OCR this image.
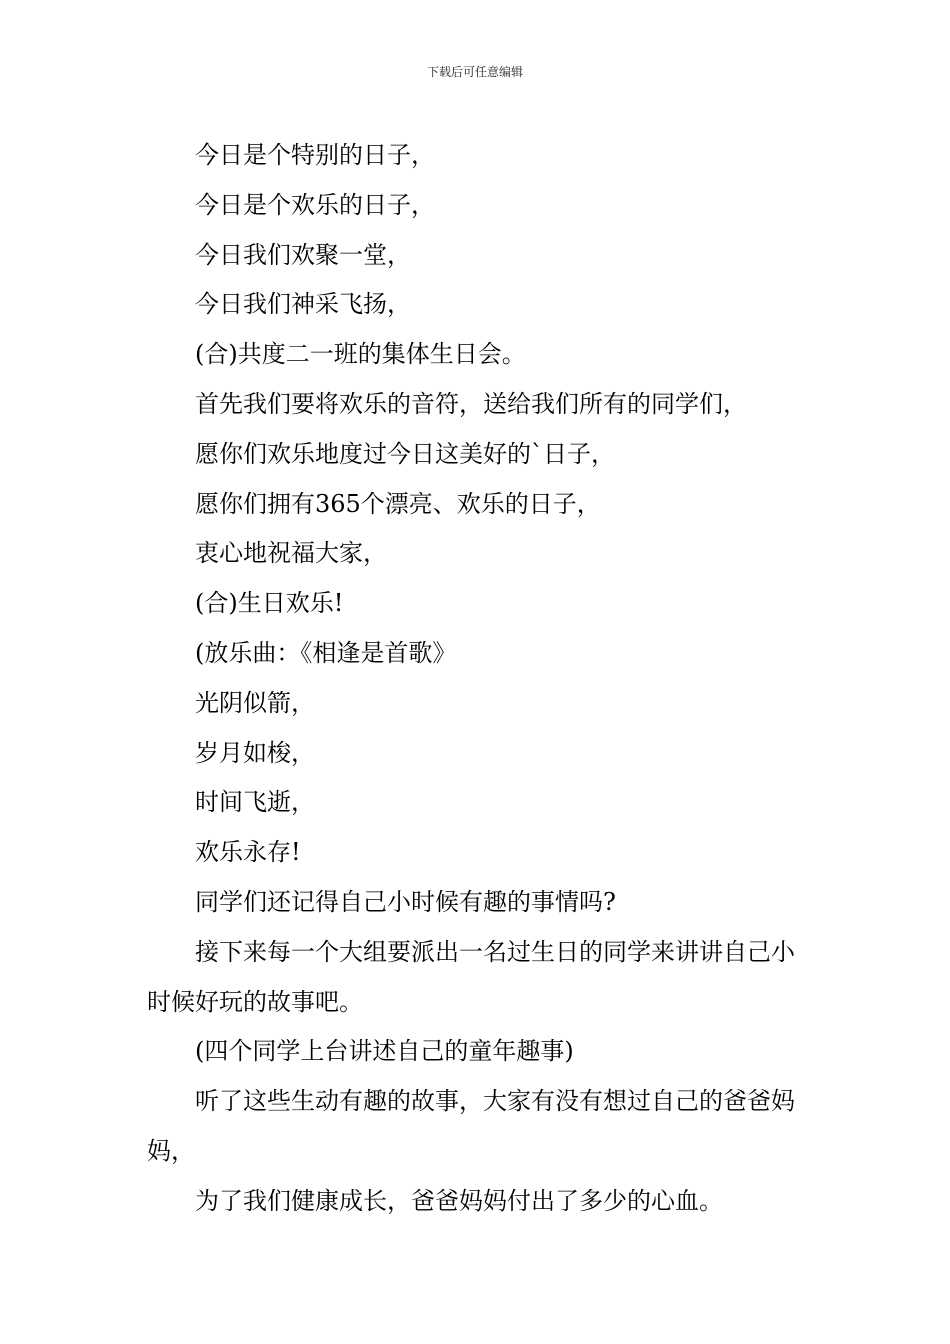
下载后可任意编辑

今日是个特别的日子，

今日是个欢乐的日子，

今日我们欢聚一堂，

今日我们神采飞扬，

(合)共度二一班的集体生日会。

首先我们要将欢乐的音符，送给我们所有的同学们，

愿你们欢乐地度过今日这美好的`日子，

愿你们拥有365个漂亮、欢乐的日子，

衷心地祝福大家，

(合)生日欢乐!

(放乐曲：《相逢是首歌》

光阴似箭，

岁月如梭，

时间飞逝，

欢乐永存!

同学们还记得自己小时候有趣的事情吗?

接下来每一个大组要派出一名过生日的同学来讲讲自己小时候好玩的故事吧。

(四个同学上台讲述自己的童年趣事)

听了这些生动有趣的故事，大家有没有想过自己的爸爸妈妈，

为了我们健康成长，爸爸妈妈付出了多少的心血。
